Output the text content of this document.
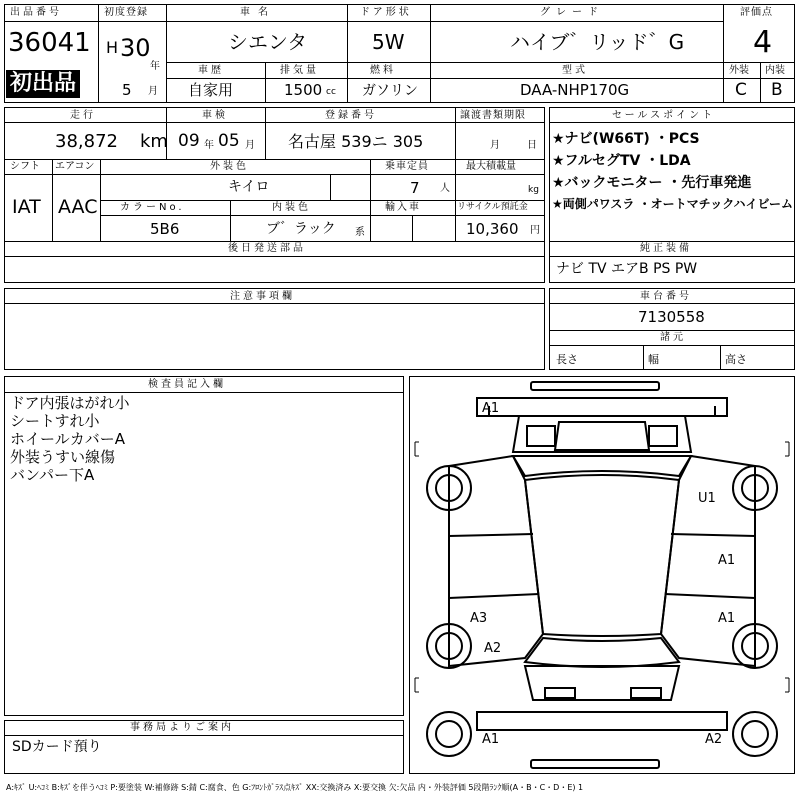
出品番号
36041
初出品
初度登録
H 30
年
5 月
車名
シエンタ
ドア形状
5W
グレード
ハイブ゛リッド゛G
評価点
4
車歴
自家用
排気量
1500 cc
燃料
ガソリン
型式
DAA-NHP170G
外装 内装
C B
走行
38,872 km
車検
09 年 05 月
登録番号
名古屋 539ニ 305
譲渡書類期限
月	日
シフト
IAT
エアコン
AAC
外装色
キイロ
乗車定員
7 人
最大積載量
kg
カラーNo.
5B6
内装色
ブ゛ラック 系
輸入車	リサイクル預託金
10,360 円
後日発送部品
セールスポイント
★ナビ(W66T) ・PCS
★フルセグTV ・LDA
★バックモニター ・先行車発進
★両側パワスラ ・オートマチックハイビーム
純正装備
ナビ TV エアB PS PW
注意事項欄	車台番号
7130558
諸元
長さ	幅	高さ
検査員記入欄
ドア内張はがれ小
シートすれ小
ホイールカバーA
外装うすい線傷
バンパー下A
事務局よりご案内
SDカード預り
A1
U1
A1
A1
A3
A2
A1	A2
A:ｷｽﾞ U:ﾍｺﾐ B:ｷｽﾞを伴うﾍｺﾐ P:要塗装 W:補修跡 S:錆 C:腐食、色 G:ﾌﾛﾝﾄｶﾞﾗｽ点ｷｽﾞ XX:交換済み X:要交換 欠:欠品 内・外装評価 5段階ﾗﾝｸ順(A・B・C・D・E) 1
